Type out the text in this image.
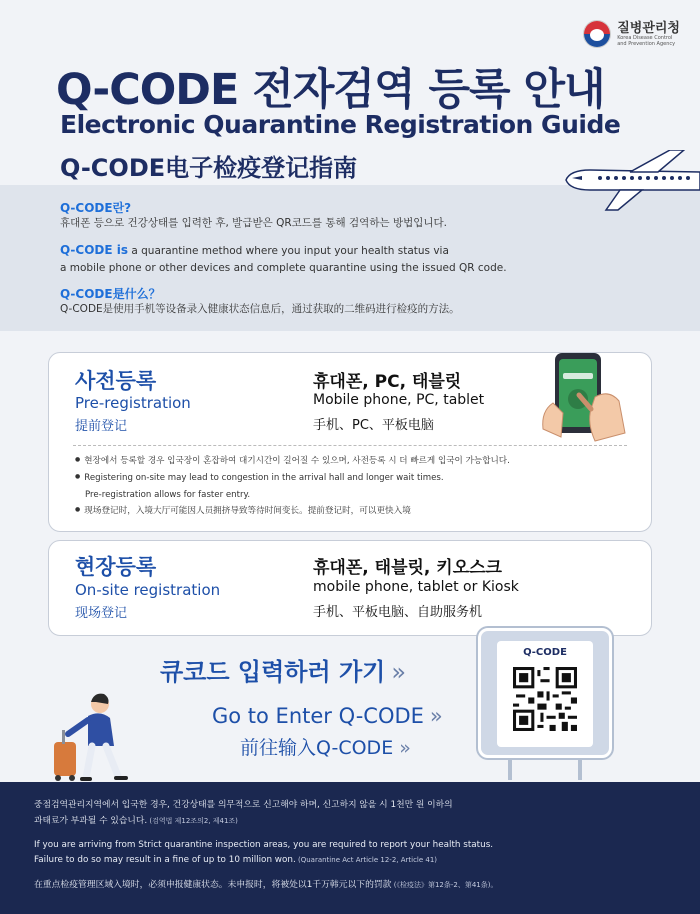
질병관리청
Korea Disease Control and Prevention Agency
Q-CODE 전자검역 등록 안내
Electronic Quarantine Registration Guide
Q-CODE电子检疫登记指南
Q-CODE란?
휴대폰 등으로 건강상태를 입력한 후, 발급받은 QR코드를 통해 검역하는 방법입니다.
Q-CODE is a quarantine method where you input your health status via
a mobile phone or other devices and complete quarantine using the issued QR code.
Q-CODE是什么？
Q-CODE是使用手机等设备录入健康状态信息后，通过获取的二维码进行检疫的方法。
사전등록
Pre-registration
提前登记
휴대폰, PC, 태블릿
Mobile phone, PC, tablet
手机、PC、平板电脑
● 현장에서 등록할 경우 입국장이 혼잡하여 대기시간이 길어질 수 있으며, 사전등록 시 더 빠르게 입국이 가능합니다.
● Registering on-site may lead to congestion in the arrival hall and longer wait times.
Pre-registration allows for faster entry.
● 现场登记时，入境大厅可能因人员拥挤导致等待时间变长。提前登记时，可以更快入境
현장등록
On-site registration
现场登记
휴대폰, 태블릿, 키오스크
mobile phone, tablet or Kiosk
手机、平板电脑、自助服务机
큐코드 입력하러 가기 »
Go to Enter Q-CODE »
前往输入Q-CODE »
Q-CODE
중점검역관리지역에서 입국한 경우, 건강상태를 의무적으로 신고해야 하며, 신고하지 않을 시 1천만 원 이하의
과태료가 부과될 수 있습니다. (검역법 제12조의2, 제41조)
If you are arriving from Strict quarantine inspection areas, you are required to report your health status.
Failure to do so may result in a fine of up to 10 million won. (Quarantine Act Article 12-2, Article 41)
在重点检疫管理区域入境时，必须申报健康状态。未申报时，将被处以1千万韩元以下的罚款 (《检疫法》第12条-2、第41条)。
